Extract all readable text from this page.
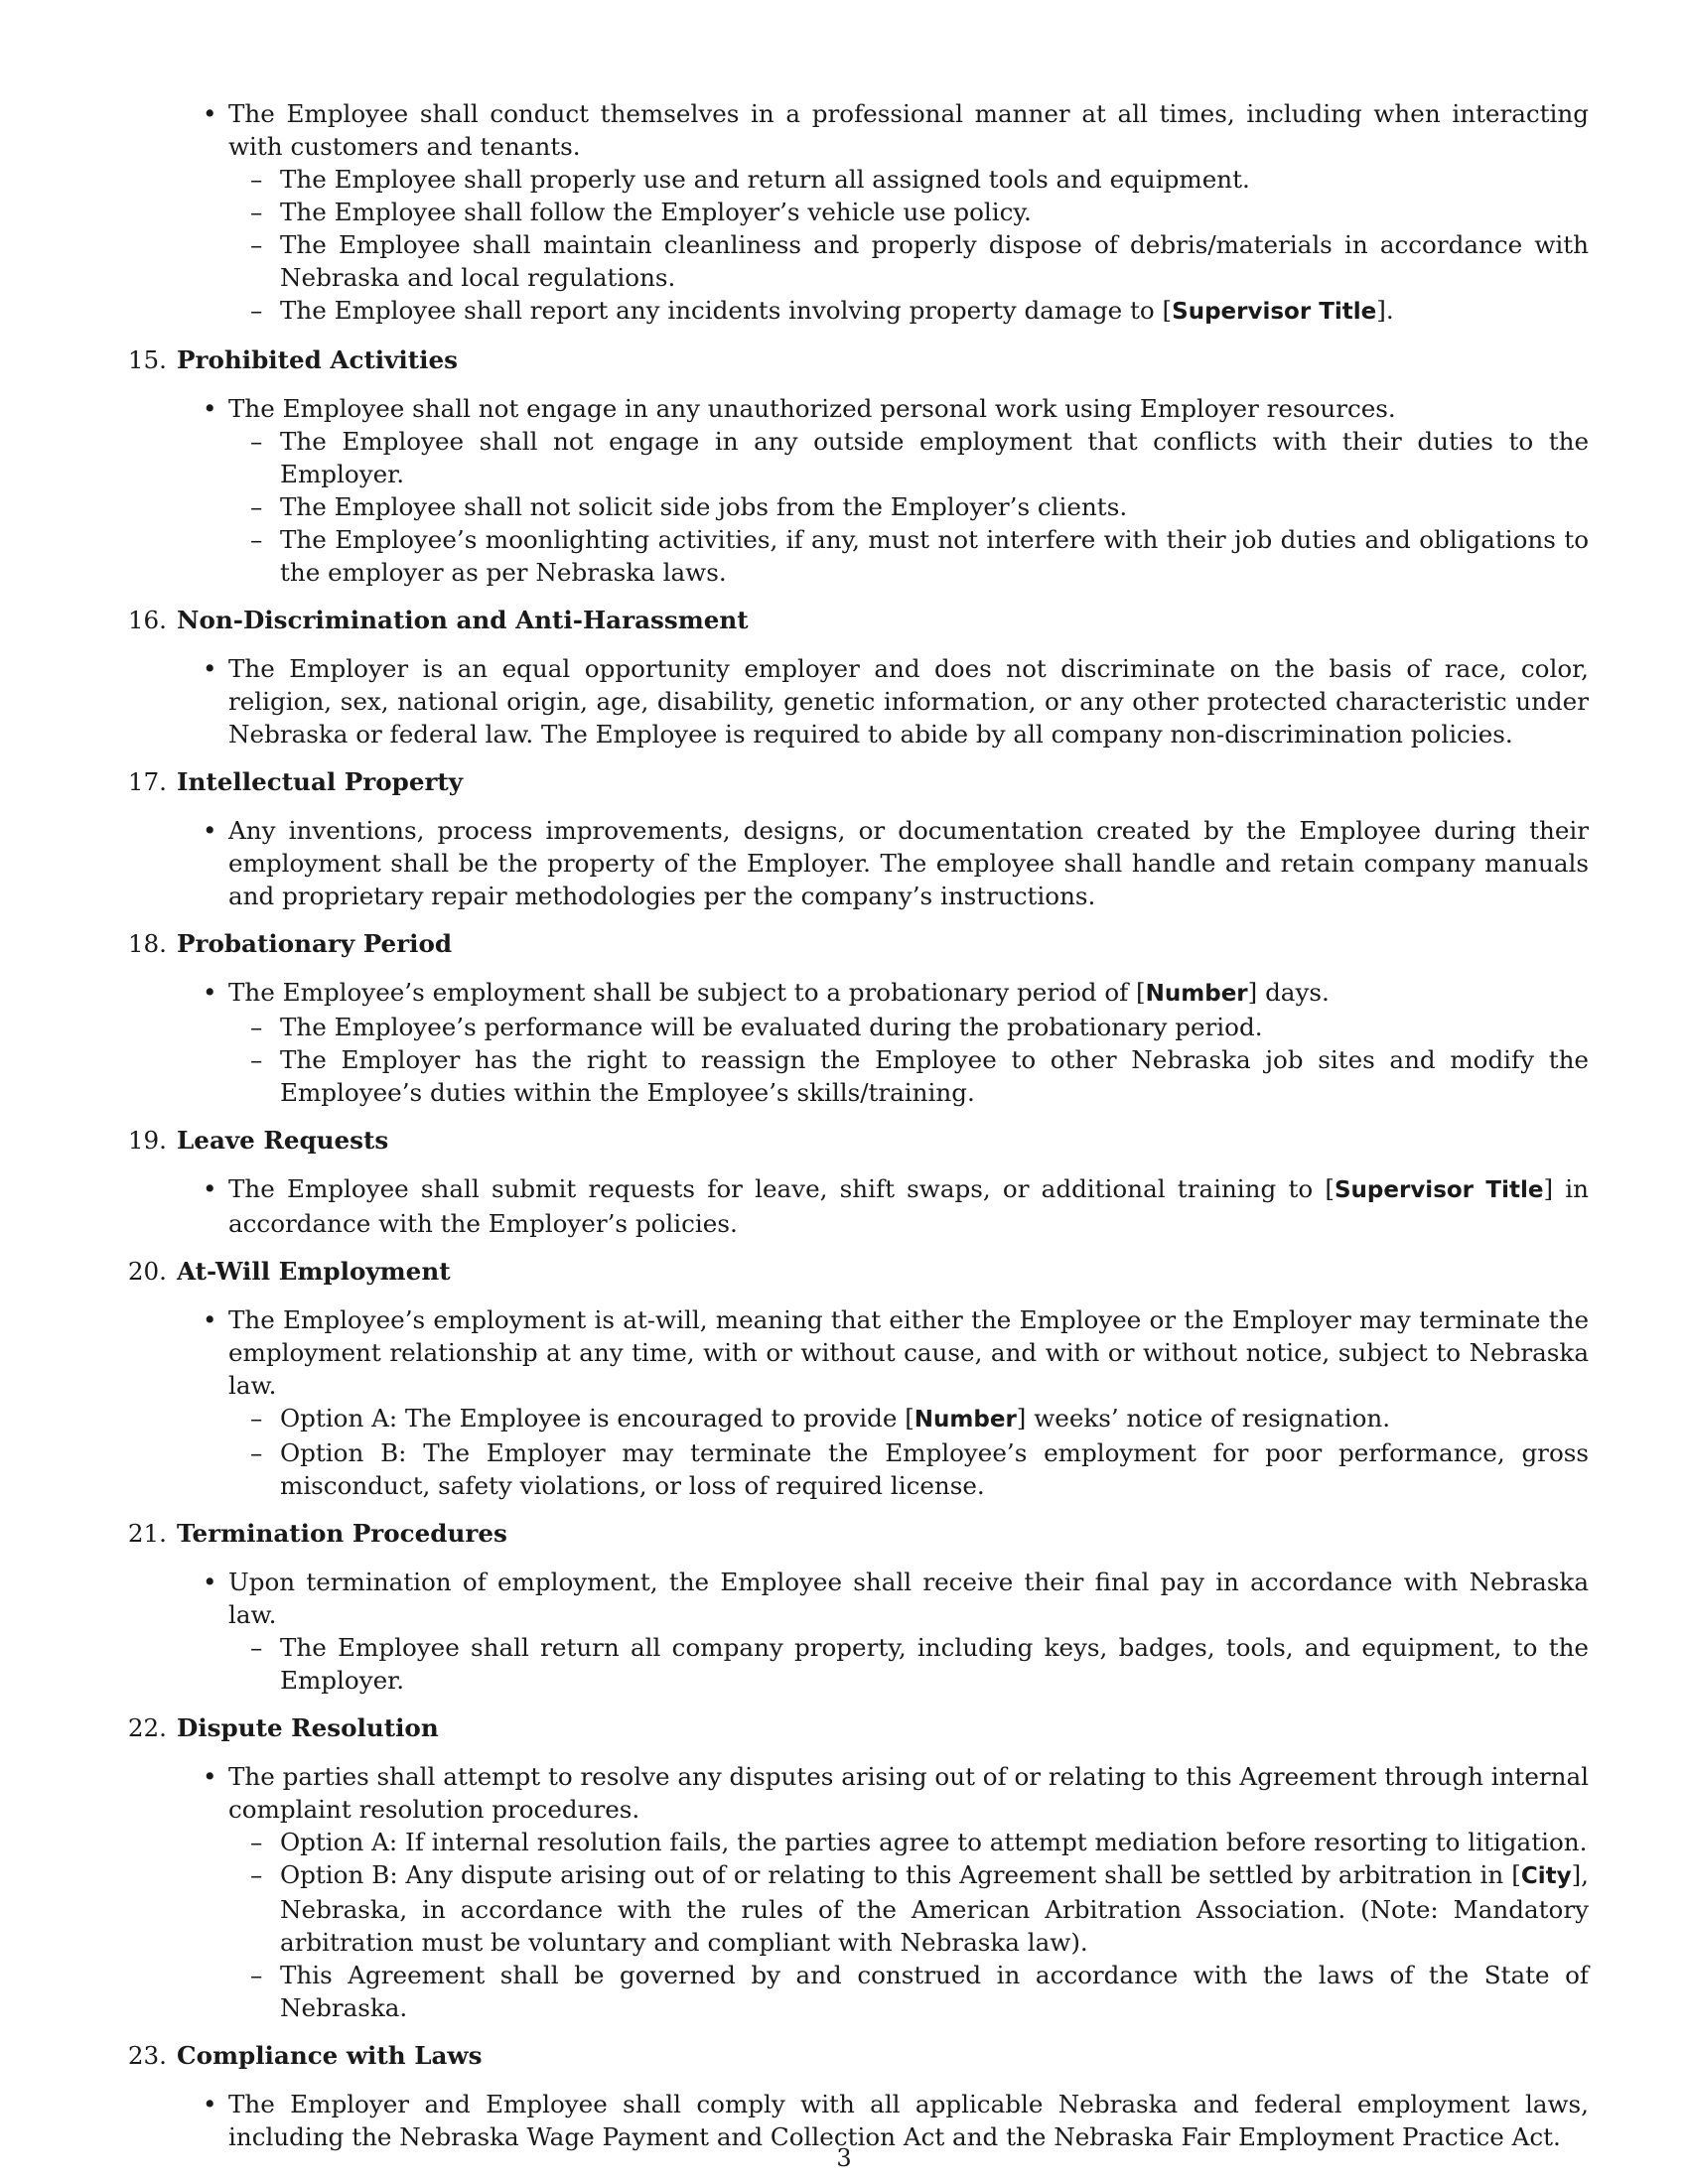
• The Employee shall conduct themselves in a professional manner at all times, including when interacting with customers and tenants.
– The Employee shall properly use and return all assigned tools and equipment.
– The Employee shall follow the Employer’s vehicle use policy.
– The Employee shall maintain cleanliness and properly dispose of debris/materials in accordance with Nebraska and local regulations.
– The Employee shall report any incidents involving property damage to [Supervisor Title].
15. Prohibited Activities
• The Employee shall not engage in any unauthorized personal work using Employer resources.
– The Employee shall not engage in any outside employment that conflicts with their duties to the Employer.
– The Employee shall not solicit side jobs from the Employer’s clients.
– The Employee’s moonlighting activities, if any, must not interfere with their job duties and obligations to the employer as per Nebraska laws.
16. Non-Discrimination and Anti-Harassment
• The Employer is an equal opportunity employer and does not discriminate on the basis of race, color, religion, sex, national origin, age, disability, genetic information, or any other protected characteristic under Nebraska or federal law. The Employee is required to abide by all company non-discrimination policies.
17. Intellectual Property
• Any inventions, process improvements, designs, or documentation created by the Employee during their employment shall be the property of the Employer. The employee shall handle and retain company manuals and proprietary repair methodologies per the company’s instructions.
18. Probationary Period
• The Employee’s employment shall be subject to a probationary period of [Number] days.
– The Employee’s performance will be evaluated during the probationary period.
– The Employer has the right to reassign the Employee to other Nebraska job sites and modify the Employee’s duties within the Employee’s skills/training.
19. Leave Requests
• The Employee shall submit requests for leave, shift swaps, or additional training to [Supervisor Title] in accordance with the Employer’s policies.
20. At-Will Employment
• The Employee’s employment is at-will, meaning that either the Employee or the Employer may terminate the employment relationship at any time, with or without cause, and with or without notice, subject to Nebraska law.
– Option A: The Employee is encouraged to provide [Number] weeks’ notice of resignation.
– Option B: The Employer may terminate the Employee’s employment for poor performance, gross misconduct, safety violations, or loss of required license.
21. Termination Procedures
• Upon termination of employment, the Employee shall receive their final pay in accordance with Nebraska law.
– The Employee shall return all company property, including keys, badges, tools, and equipment, to the Employer.
22. Dispute Resolution
• The parties shall attempt to resolve any disputes arising out of or relating to this Agreement through internal complaint resolution procedures.
– Option A: If internal resolution fails, the parties agree to attempt mediation before resorting to litigation.
– Option B: Any dispute arising out of or relating to this Agreement shall be settled by arbitration in [City], Nebraska, in accordance with the rules of the American Arbitration Association. (Note: Mandatory arbitration must be voluntary and compliant with Nebraska law).
– This Agreement shall be governed by and construed in accordance with the laws of the State of Nebraska.
23. Compliance with Laws
• The Employer and Employee shall comply with all applicable Nebraska and federal employment laws, including the Nebraska Wage Payment and Collection Act and the Nebraska Fair Employment Practice Act.
3
